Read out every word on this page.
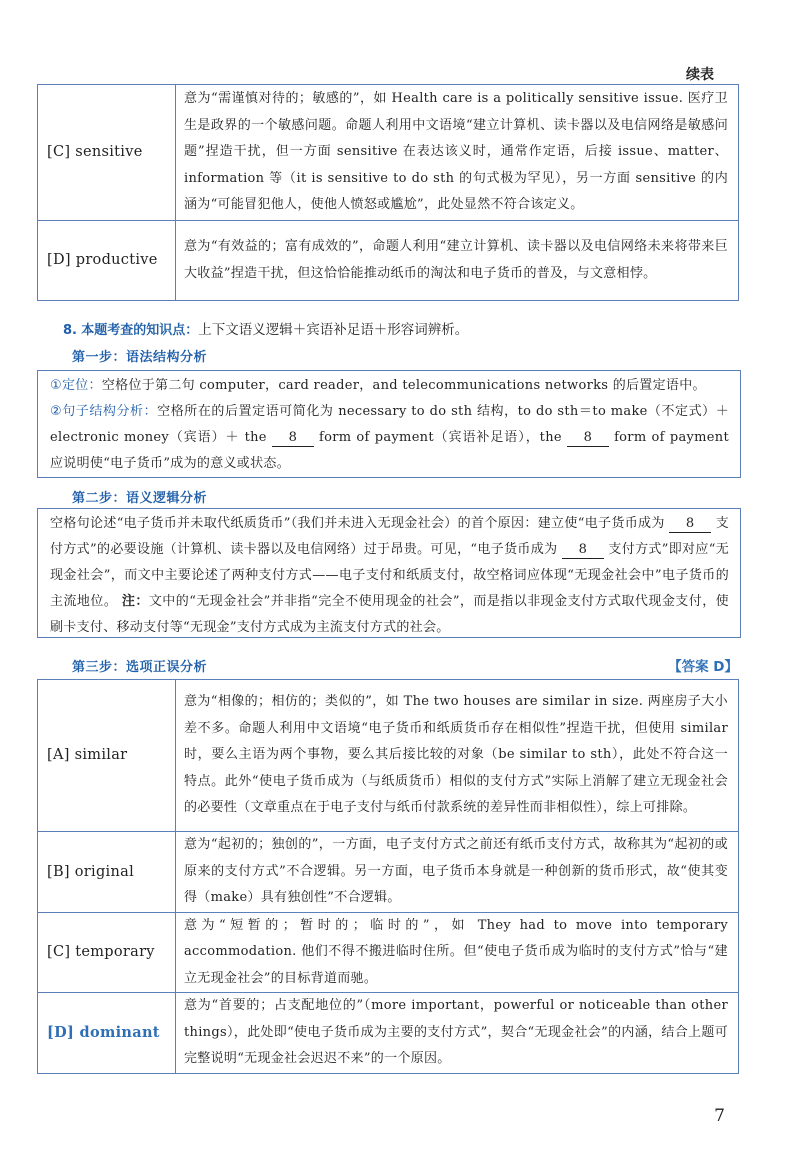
续表
[C] sensitive	意为“需谨慎对待的；敏感的”，如 Health care is a politically sensitive issue. 医疗卫生是政界的一个敏感问题。命题人利用中文语境“建立计算机、读卡器以及电信网络是敏感问题”捏造干扰，但一方面 sensitive 在表达该义时，通常作定语，后接 issue、matter、information 等（it is sensitive to do sth 的句式极为罕见），另一方面 sensitive 的内涵为“可能冒犯他人，使他人愤怒或尴尬”，此处显然不符合该定义。
[D] productive	意为“有效益的；富有成效的”，命题人利用“建立计算机、读卡器以及电信网络未来将带来巨大收益”捏造干扰，但这恰恰能推动纸币的淘汰和电子货币的普及，与文意相悖。
8. 本题考查的知识点：上下文语义逻辑＋宾语补足语＋形容词辨析。
第一步：语法结构分析
①定位：空格位于第二句 computer，card reader，and telecommunications networks 的后置定语中。
②句子结构分析：空格所在的后置定语可简化为 necessary to do sth 结构，to do sth＝to make（不定式）＋electronic money（宾语）＋ the 8 form of payment（宾语补足语），the 8 form of payment 应说明使“电子货币”成为的意义或状态。
第二步：语义逻辑分析
空格句论述“电子货币并未取代纸质货币”（我们并未进入无现金社会）的首个原因：建立使“电子货币成为 8 支付方式”的必要设施（计算机、读卡器以及电信网络）过于昂贵。可见，“电子货币成为 8 支付方式”即对应“无现金社会”，而文中主要论述了两种支付方式——电子支付和纸质支付，故空格词应体现“无现金社会中”电子货币的主流地位。 注：文中的“无现金社会”并非指“完全不使用现金的社会”，而是指以非现金支付方式取代现金支付，使刷卡支付、移动支付等“无现金”支付方式成为主流支付方式的社会。
第三步：选项正误分析	【答案 D】
[A] similar	意为“相像的；相仿的；类似的”，如 The two houses are similar in size. 两座房子大小差不多。命题人利用中文语境“电子货币和纸质货币存在相似性”捏造干扰，但使用 similar 时，要么主语为两个事物，要么其后接比较的对象（be similar to sth），此处不符合这一特点。此外“使电子货币成为（与纸质货币）相似的支付方式”实际上消解了建立无现金社会的必要性（文章重点在于电子支付与纸币付款系统的差异性而非相似性），综上可排除。
[B] original	意为“起初的；独创的”，一方面，电子支付方式之前还有纸币支付方式，故称其为“起初的或原来的支付方式”不合逻辑。另一方面，电子货币本身就是一种创新的货币形式，故“使其变得（make）具有独创性”不合逻辑。
[C] temporary	意为“短暂的；暂时的；临时的”，如 They had to move into temporary accommodation. 他们不得不搬进临时住所。但“使电子货币成为临时的支付方式”恰与“建立无现金社会”的目标背道而驰。
[D] dominant	意为“首要的；占支配地位的”（more important，powerful or noticeable than other things），此处即“使电子货币成为主要的支付方式”，契合“无现金社会”的内涵，结合上题可完整说明“无现金社会迟迟不来”的一个原因。
7
